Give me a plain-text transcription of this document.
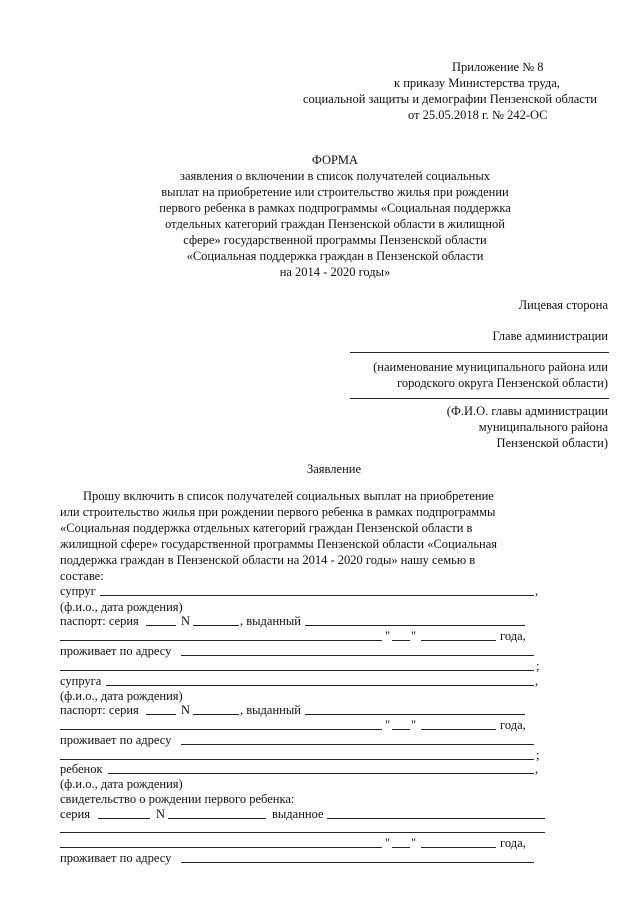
Приложение № 8
к приказу Министерства труда,
социальной защиты и демографии Пензенской области
от 25.05.2018 г. № 242-ОС
ФОРМА
заявления о включении в список получателей социальных
выплат на приобретение или строительство жилья при рождении
первого ребенка в рамках подпрограммы «Социальная поддержка
отдельных категорий граждан Пензенской области в жилищной
сфере» государственной программы Пензенской области
«Социальная поддержка граждан в Пензенской области
на 2014 - 2020 годы»
Лицевая сторона
Главе администрации
(наименование муниципального района или
городского округа Пензенской области)
(Ф.И.О. главы администрации
муниципального района
Пензенской области)
Заявление
Прошу включить в список получателей социальных выплат на приобретение
или строительство жилья при рождении первого ребенка в рамках подпрограммы
«Социальная поддержка отдельных категорий граждан Пензенской области в
жилищной сфере» государственной программы Пензенской области «Социальная
поддержка граждан в Пензенской области на 2014 - 2020 годы» нашу семью в
составе:
супруг	,
(ф.и.о., дата рождения)
паспорт: серия	N	, выданный
" "	года,
проживает по адресу
;
супруга	,
(ф.и.о., дата рождения)
паспорт: серия	N	, выданный
" "	года,
проживает по адресу
;
ребенок	,
(ф.и.о., дата рождения)
свидетельство о рождении первого ребенка:
серия	N	выданное
" "	года,
проживает по адресу
